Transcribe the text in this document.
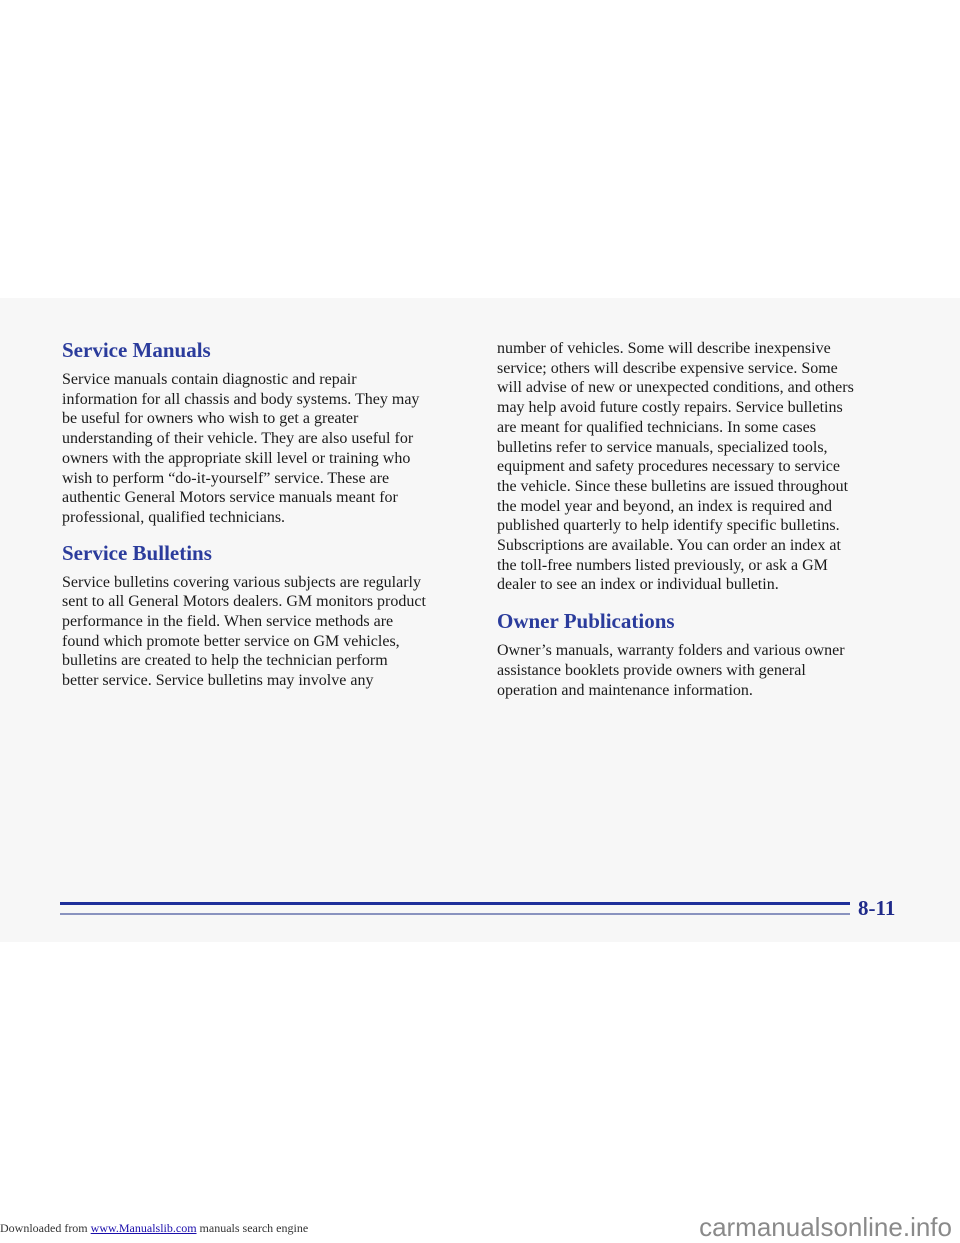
Service Manuals

Service manuals contain diagnostic and repair
information for all chassis and body systems. They may
be useful for owners who wish to get a greater
understanding of their vehicle. They are also useful for
owners with the appropriate skill level or training who
wish to perform “do-it-yourself” service. These are
authentic General Motors service manuals meant for
professional, qualified technicians.

Service Bulletins

Service bulletins covering various subjects are regularly
sent to all General Motors dealers. GM monitors product
performance in the field. When service methods are
found which promote better service on GM vehicles,
bulletins are created to help the technician perform
better service. Service bulletins may involve any

number of vehicles. Some will describe inexpensive
service; others will describe expensive service. Some
will advise of new or unexpected conditions, and others
may help avoid future costly repairs. Service bulletins
are meant for qualified technicians. In some cases
bulletins refer to service manuals, specialized tools,
equipment and safety procedures necessary to service
the vehicle. Since these bulletins are issued throughout
the model year and beyond, an index is required and
published quarterly to help identify specific bulletins.
Subscriptions are available. You can order an index at
the toll-free numbers listed previously, or ask a GM
dealer to see an index or individual bulletin.

Owner Publications

Owner’s manuals, warranty folders and various owner
assistance booklets provide owners with general
operation and maintenance information.

8-11
Downloaded from www.Manualslib.com manuals search engine	carmanualsonline.info
